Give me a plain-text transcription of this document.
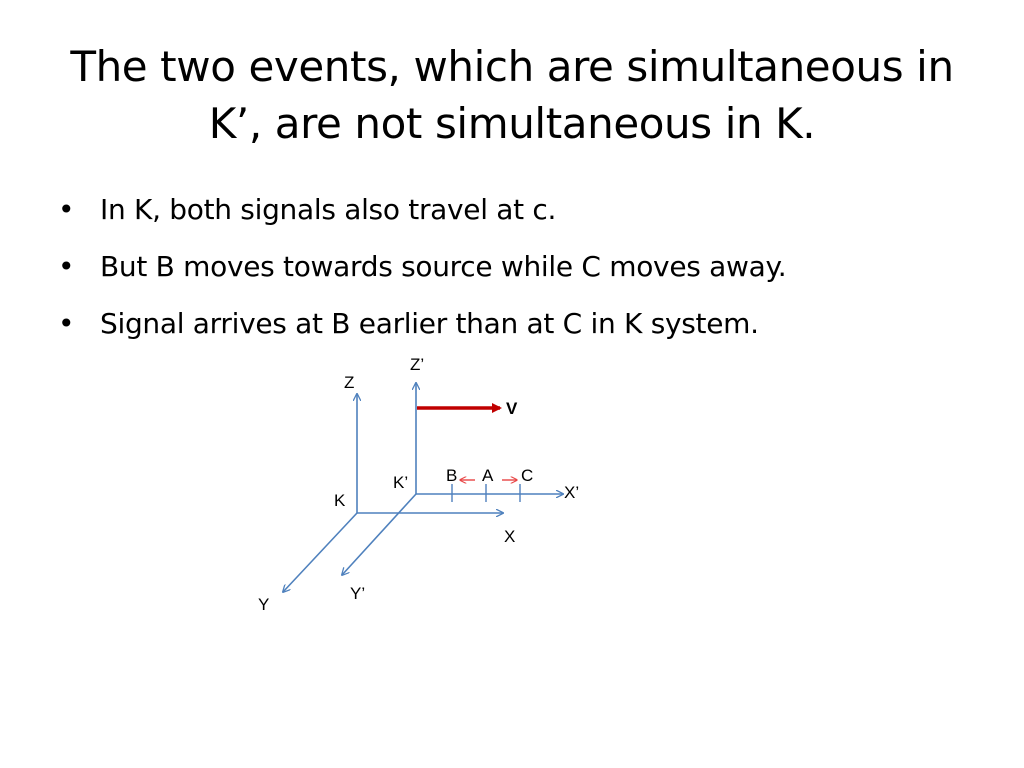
The two events, which are simultaneous in K’, are not simultaneous in K.
• In K, both signals also travel at c.
• But B moves towards source while C moves away.
• Signal arrives at B earlier than at C in K system.
Z
Z’
V
K’ B A C
X’
K
X
Y’
Y
